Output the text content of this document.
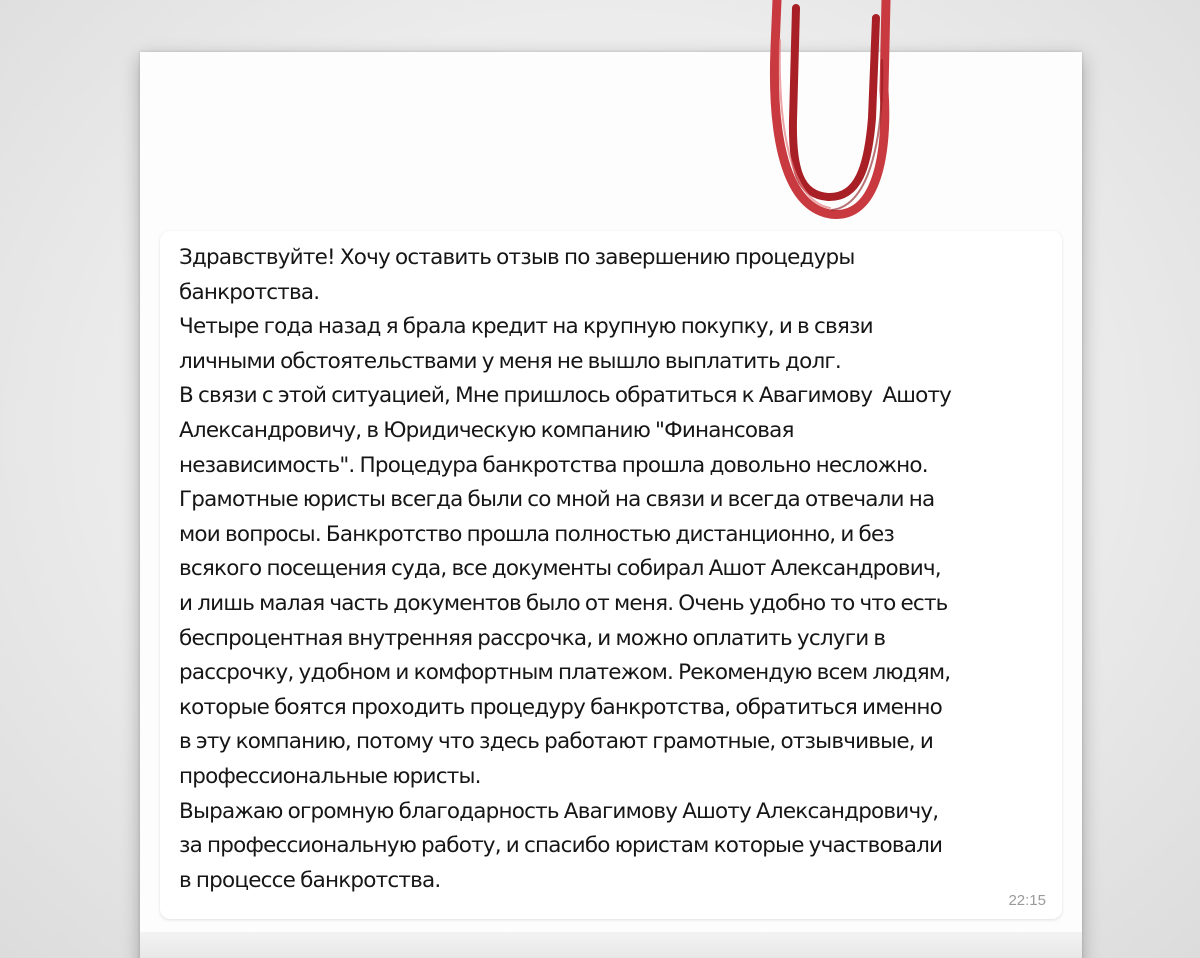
Здравствуйте! Хочу оставить отзыв по завершению процедуры
банкротства.
Четыре года назад я брала кредит на крупную покупку, и в связи
личными обстоятельствами у меня не вышло выплатить долг.
В связи с этой ситуацией, Мне пришлось обратиться к Авагимову  Ашоту
Александровичу, в Юридическую компанию "Финансовая
независимость". Процедура банкротства прошла довольно несложно.
Грамотные юристы всегда были со мной на связи и всегда отвечали на
мои вопросы. Банкротство прошла полностью дистанционно, и без
всякого посещения суда, все документы собирал Ашот Александрович,
и лишь малая часть документов было от меня. Очень удобно то что есть
беспроцентная внутренняя рассрочка, и можно оплатить услуги в
рассрочку, удобном и комфортным платежом. Рекомендую всем людям,
которые боятся проходить процедуру банкротства, обратиться именно
в эту компанию, потому что здесь работают грамотные, отзывчивые, и
профессиональные юристы.
Выражаю огромную благодарность Авагимову Ашоту Александровичу,
за профессиональную работу, и спасибо юристам которые участвовали
в процессе банкротства.

22:15
